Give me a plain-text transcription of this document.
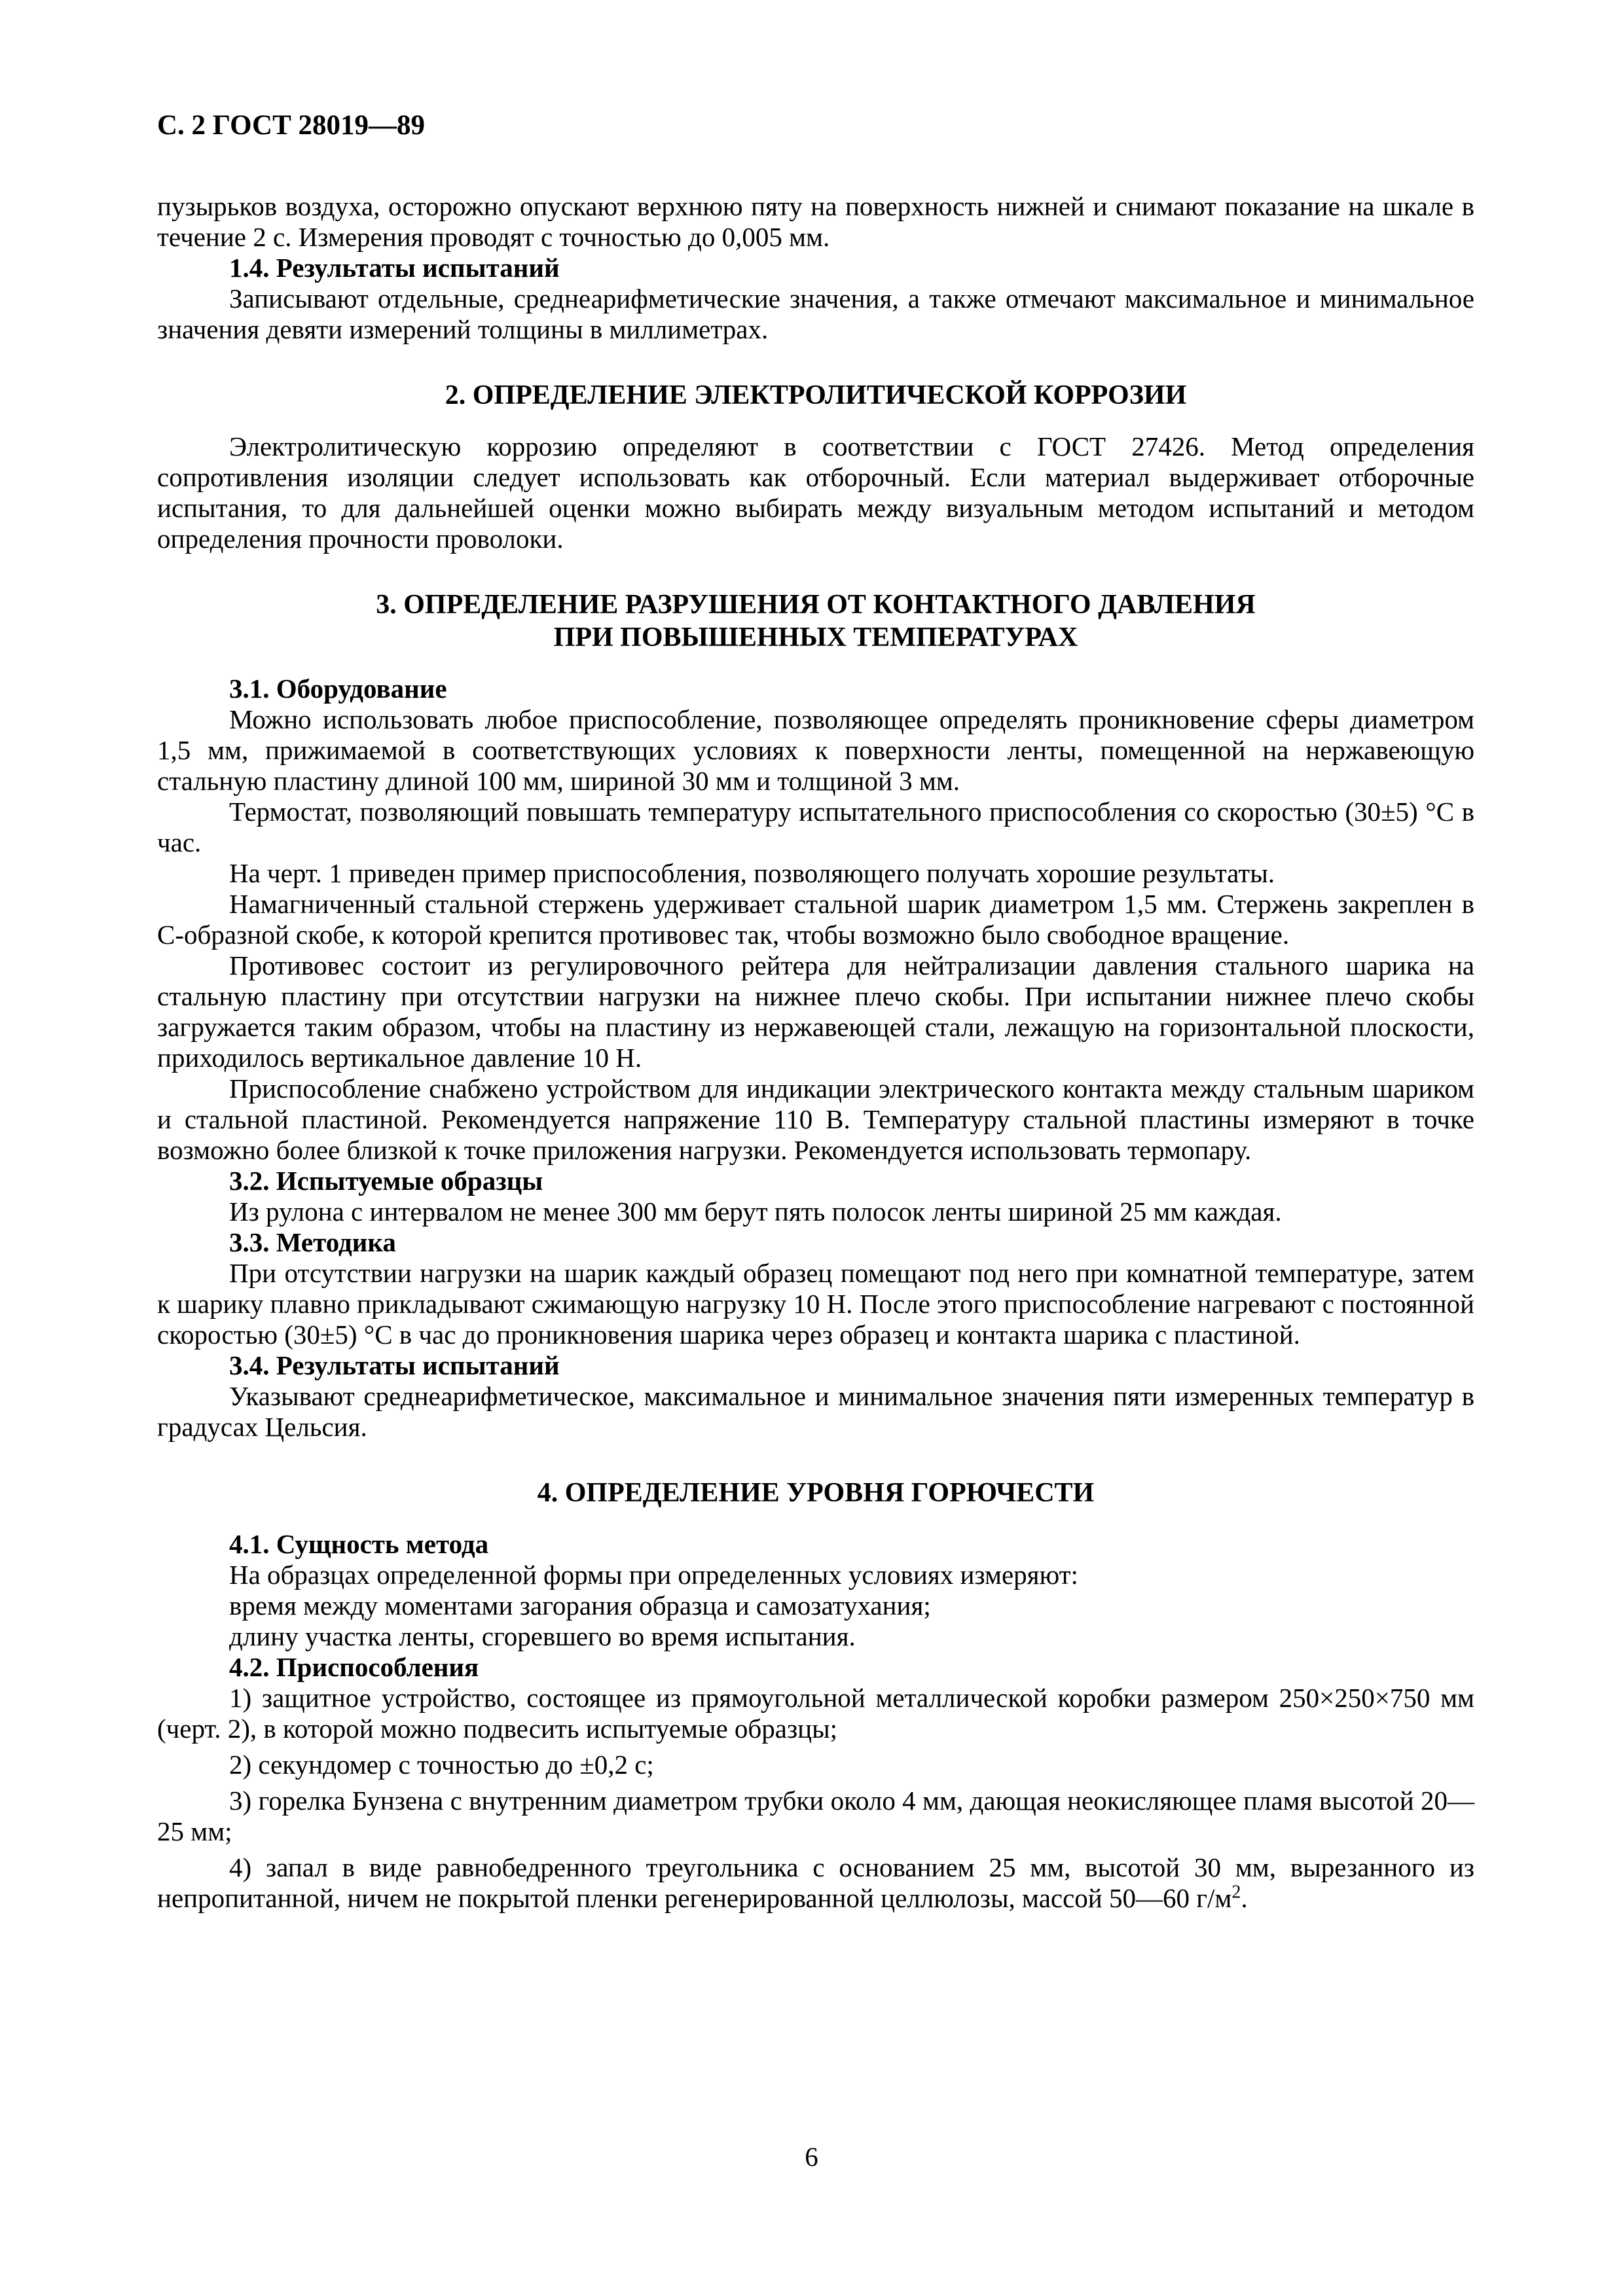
С. 2 ГОСТ 28019—89

пузырьков воздуха, осторожно опускают верхнюю пяту на поверхность нижней и снимают показание на шкале в течение 2 с. Измерения проводят с точностью до 0,005 мм.

1.4. Результаты испытаний

Записывают отдельные, среднеарифметические значения, а также отмечают максимальное и минимальное значения девяти измерений толщины в миллиметрах.

2. ОПРЕДЕЛЕНИЕ ЭЛЕКТРОЛИТИЧЕСКОЙ КОРРОЗИИ

Электролитическую коррозию определяют в соответствии с ГОСТ 27426. Метод определения сопротивления изоляции следует использовать как отборочный. Если материал выдерживает отборочные испытания, то для дальнейшей оценки можно выбирать между визуальным методом испытаний и методом определения прочности проволоки.

3. ОПРЕДЕЛЕНИЕ РАЗРУШЕНИЯ ОТ КОНТАКТНОГО ДАВЛЕНИЯ
ПРИ ПОВЫШЕННЫХ ТЕМПЕРАТУРАХ

3.1. Оборудование

Можно использовать любое приспособление, позволяющее определять проникновение сферы диаметром 1,5 мм, прижимаемой в соответствующих условиях к поверхности ленты, помещенной на нержавеющую стальную пластину длиной 100 мм, шириной 30 мм и толщиной 3 мм.

Термостат, позволяющий повышать температуру испытательного приспособления со скоростью (30±5) °С в час.

На черт. 1 приведен пример приспособления, позволяющего получать хорошие результаты.

Намагниченный стальной стержень удерживает стальной шарик диаметром 1,5 мм. Стержень закреплен в С-образной скобе, к которой крепится противовес так, чтобы возможно было свободное вращение.

Противовес состоит из регулировочного рейтера для нейтрализации давления стального шарика на стальную пластину при отсутствии нагрузки на нижнее плечо скобы. При испытании нижнее плечо скобы загружается таким образом, чтобы на пластину из нержавеющей стали, лежащую на горизонтальной плоскости, приходилось вертикальное давление 10 Н.

Приспособление снабжено устройством для индикации электрического контакта между стальным шариком и стальной пластиной. Рекомендуется напряжение 110 В. Температуру стальной пластины измеряют в точке возможно более близкой к точке приложения нагрузки. Рекомендуется использовать термопару.

3.2. Испытуемые образцы

Из рулона с интервалом не менее 300 мм берут пять полосок ленты шириной 25 мм каждая.

3.3. Методика

При отсутствии нагрузки на шарик каждый образец помещают под него при комнатной температуре, затем к шарику плавно прикладывают сжимающую нагрузку 10 Н. После этого приспособление нагревают с постоянной скоростью (30±5) °С в час до проникновения шарика через образец и контакта шарика с пластиной.

3.4. Результаты испытаний

Указывают среднеарифметическое, максимальное и минимальное значения пяти измеренных температур в градусах Цельсия.

4. ОПРЕДЕЛЕНИЕ УРОВНЯ ГОРЮЧЕСТИ

4.1. Сущность метода

На образцах определенной формы при определенных условиях измеряют:

время между моментами загорания образца и самозатухания;

длину участка ленты, сгоревшего во время испытания.

4.2. Приспособления

1) защитное устройство, состоящее из прямоугольной металлической коробки размером 250×250×750 мм (черт. 2), в которой можно подвесить испытуемые образцы;

2) секундомер с точностью до ±0,2 с;

3) горелка Бунзена с внутренним диаметром трубки около 4 мм, дающая неокисляющее пламя высотой 20—25 мм;

4) запал в виде равнобедренного треугольника с основанием 25 мм, высотой 30 мм, вырезанного из непропитанной, ничем не покрытой пленки регенерированной целлюлозы, массой 50—60 $г/м^2$.

6
